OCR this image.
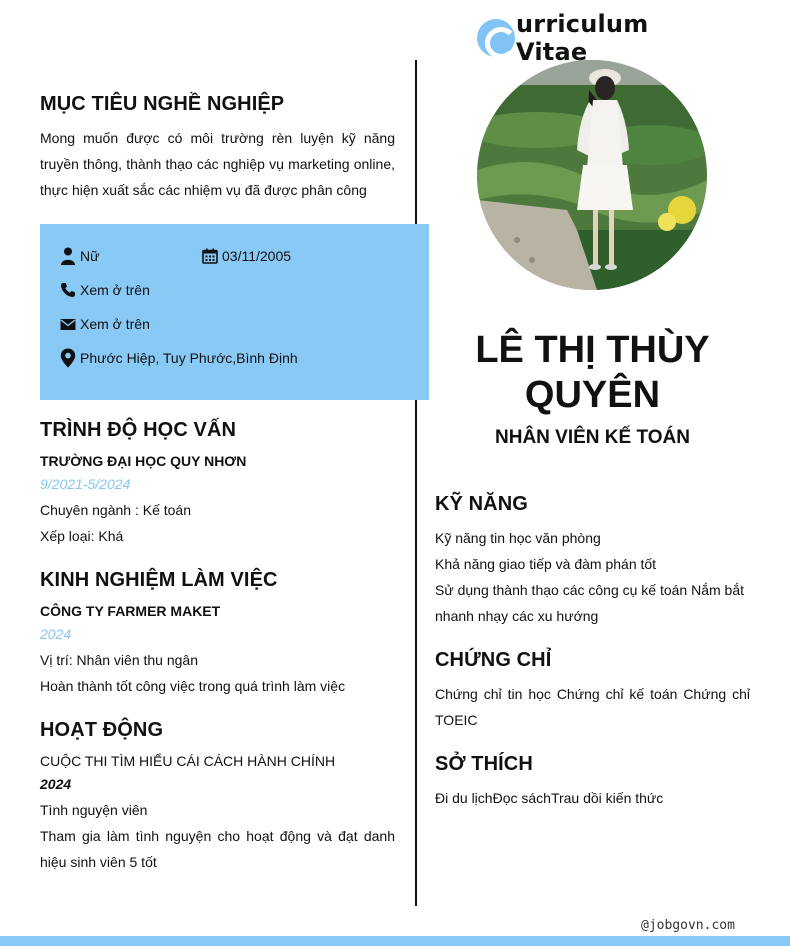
urriculum Vitae
MỤC TIÊU NGHỀ NGHIỆP
Mong muốn được có môi trường rèn luyện kỹ năng truyền thông, thành thạo các nghiệp vụ marketing online, thực hiện xuất sắc các nhiệm vụ đã được phân công
Nữ	03/11/2005
Xem ở trên
Xem ở trên
Phước Hiệp, Tuy Phước,Bình Định
TRÌNH ĐỘ HỌC VẤN
TRƯỜNG ĐẠI HỌC QUY NHƠN
9/2021-5/2024
Chuyên ngành : Kế toán
Xếp loại: Khá
KINH NGHIỆM LÀM VIỆC
CÔNG TY FARMER MAKET
2024
Vị trí: Nhân viên thu ngân
Hoàn thành tốt công việc trong quá trình làm việc
HOẠT ĐỘNG
CUỘC THI TÌM HIỂU CÁI CÁCH HÀNH CHÍNH
2024
Tình nguyện viên
Tham gia làm tình nguyện cho hoạt động và đạt danh hiệu sinh viên 5 tốt
LÊ THỊ THÙY QUYÊN
NHÂN VIÊN KẾ TOÁN
KỸ NĂNG
Kỹ năng tin học văn phòng
Khả năng giao tiếp và đàm phán tốt
Sử dụng thành thạo các công cụ kế toán Nắm bắt nhanh nhạy các xu hướng
CHỨNG CHỈ
Chứng chỉ tin học Chứng chỉ kế toán Chứng chỉ TOEIC
SỞ THÍCH
Đi du lịchĐọc sáchTrau dồi kiến thức
@jobgovn.com
